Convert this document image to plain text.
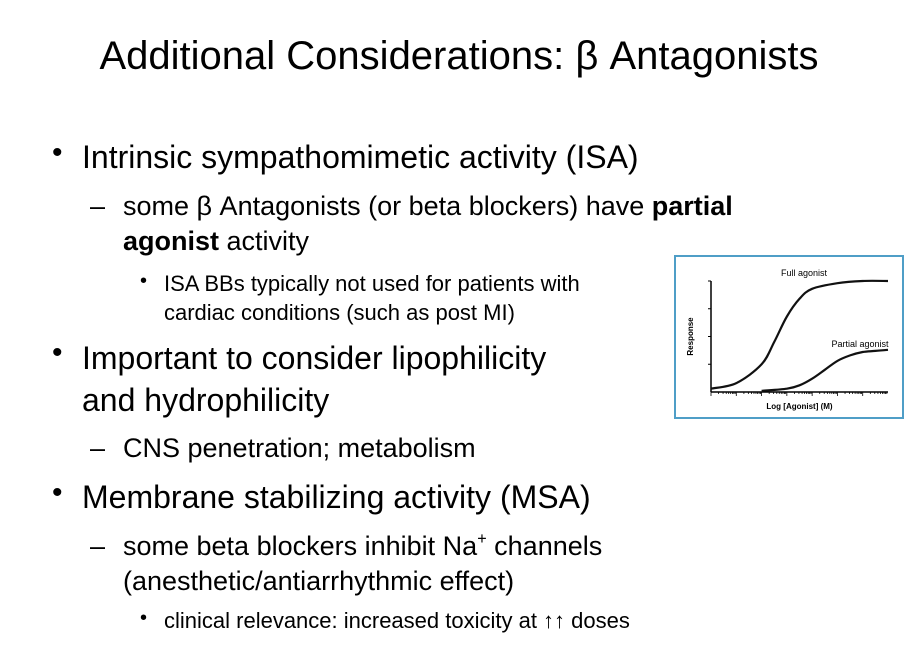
Additional Considerations: β Antagonists
• Intrinsic sympathomimetic activity (ISA)
– some β Antagonists (or beta blockers) have partial
agonist activity
• ISA BBs typically not used for patients with
cardiac conditions (such as post MI)
• Important to consider lipophilicity
and hydrophilicity
– CNS penetration; metabolism
• Membrane stabilizing activity (MSA)
– some beta blockers inhibit Na+ channels
(anesthetic/antiarrhythmic effect)
• clinical relevance: increased toxicity at ↑↑ doses
Full agonist
Partial agonist
Log [Agonist] (M)
Response
